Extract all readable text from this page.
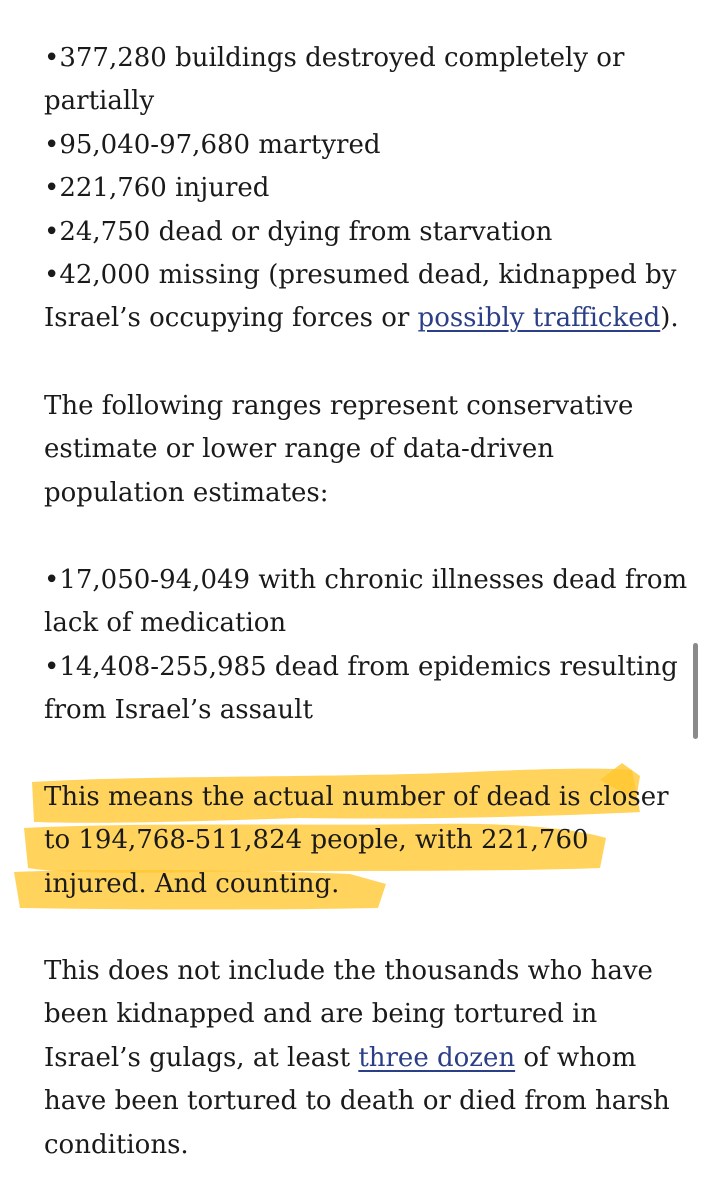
•377,280 buildings destroyed completely or
partially
•95,040-97,680 martyred
•221,760 injured
•24,750 dead or dying from starvation
•42,000 missing (presumed dead, kidnapped by
Israel’s occupying forces or possibly trafficked).
The following ranges represent conservative
estimate or lower range of data-driven
population estimates:
•17,050-94,049 with chronic illnesses dead from
lack of medication
•14,408-255,985 dead from epidemics resulting
from Israel’s assault
This means the actual number of dead is closer
to 194,768-511,824 people, with 221,760
injured. And counting.
This does not include the thousands who have
been kidnapped and are being tortured in
Israel’s gulags, at least three dozen of whom
have been tortured to death or died from harsh
conditions.
